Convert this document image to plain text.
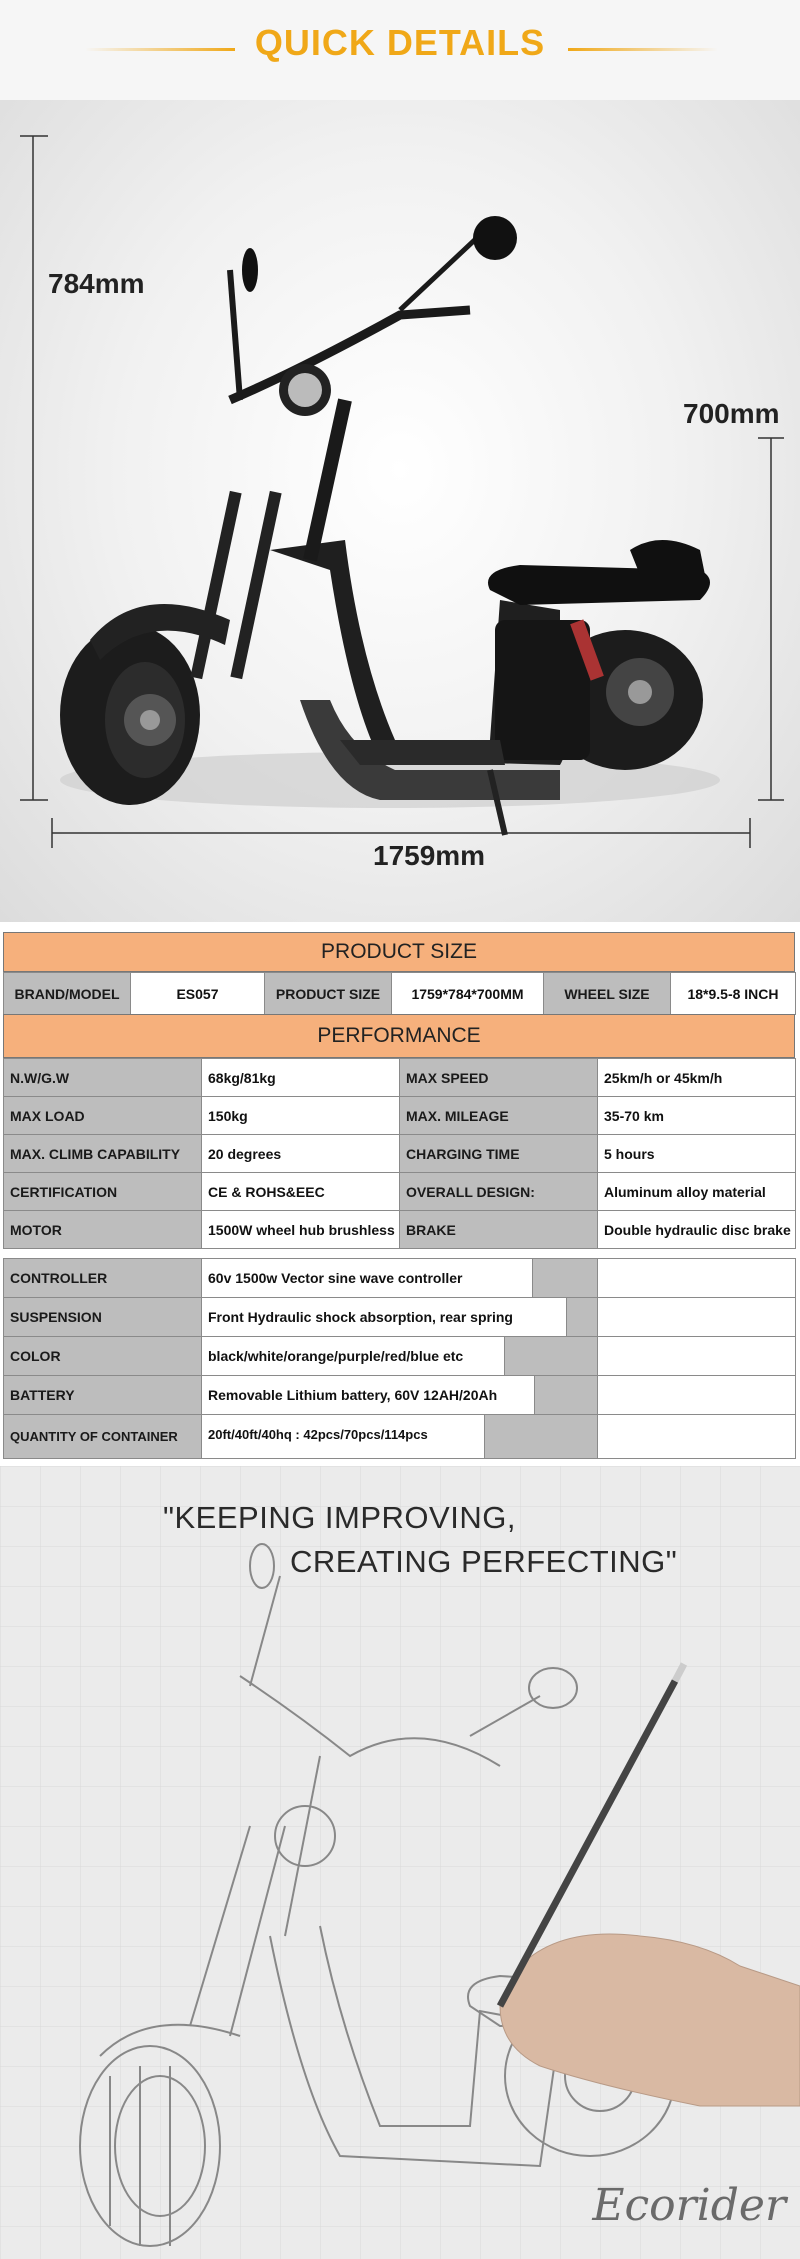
QUICK DETAILS
784mm
700mm
1759mm
PRODUCT SIZE
BRAND/MODEL	ES057	PRODUCT SIZE	1759*784*700MM	WHEEL SIZE	18*9.5-8 INCH
PERFORMANCE
N.W/G.W	68kg/81kg	MAX SPEED	25km/h or 45km/h
MAX LOAD	150kg	MAX. MILEAGE	35-70 km
MAX. CLIMB CAPABILITY	20 degrees	CHARGING TIME	5 hours
CERTIFICATION	CE & ROHS&EEC	OVERALL DESIGN:	Aluminum alloy material
MOTOR	1500W wheel hub brushless	BRAKE	Double hydraulic disc brake
CONTROLLER	60v 1500w Vector sine wave controller	

SUSPENSION	Front Hydraulic shock absorption, rear spring	

COLOR	black/white/orange/purple/red/blue etc	

BATTERY	Removable Lithium battery, 60V 12AH/20Ah	

QUANTITY OF CONTAINER	20ft/40ft/40hq : 42pcs/70pcs/114pcs	

"KEEPING IMPROVING,
CREATING PERFECTING"
Ecorider
